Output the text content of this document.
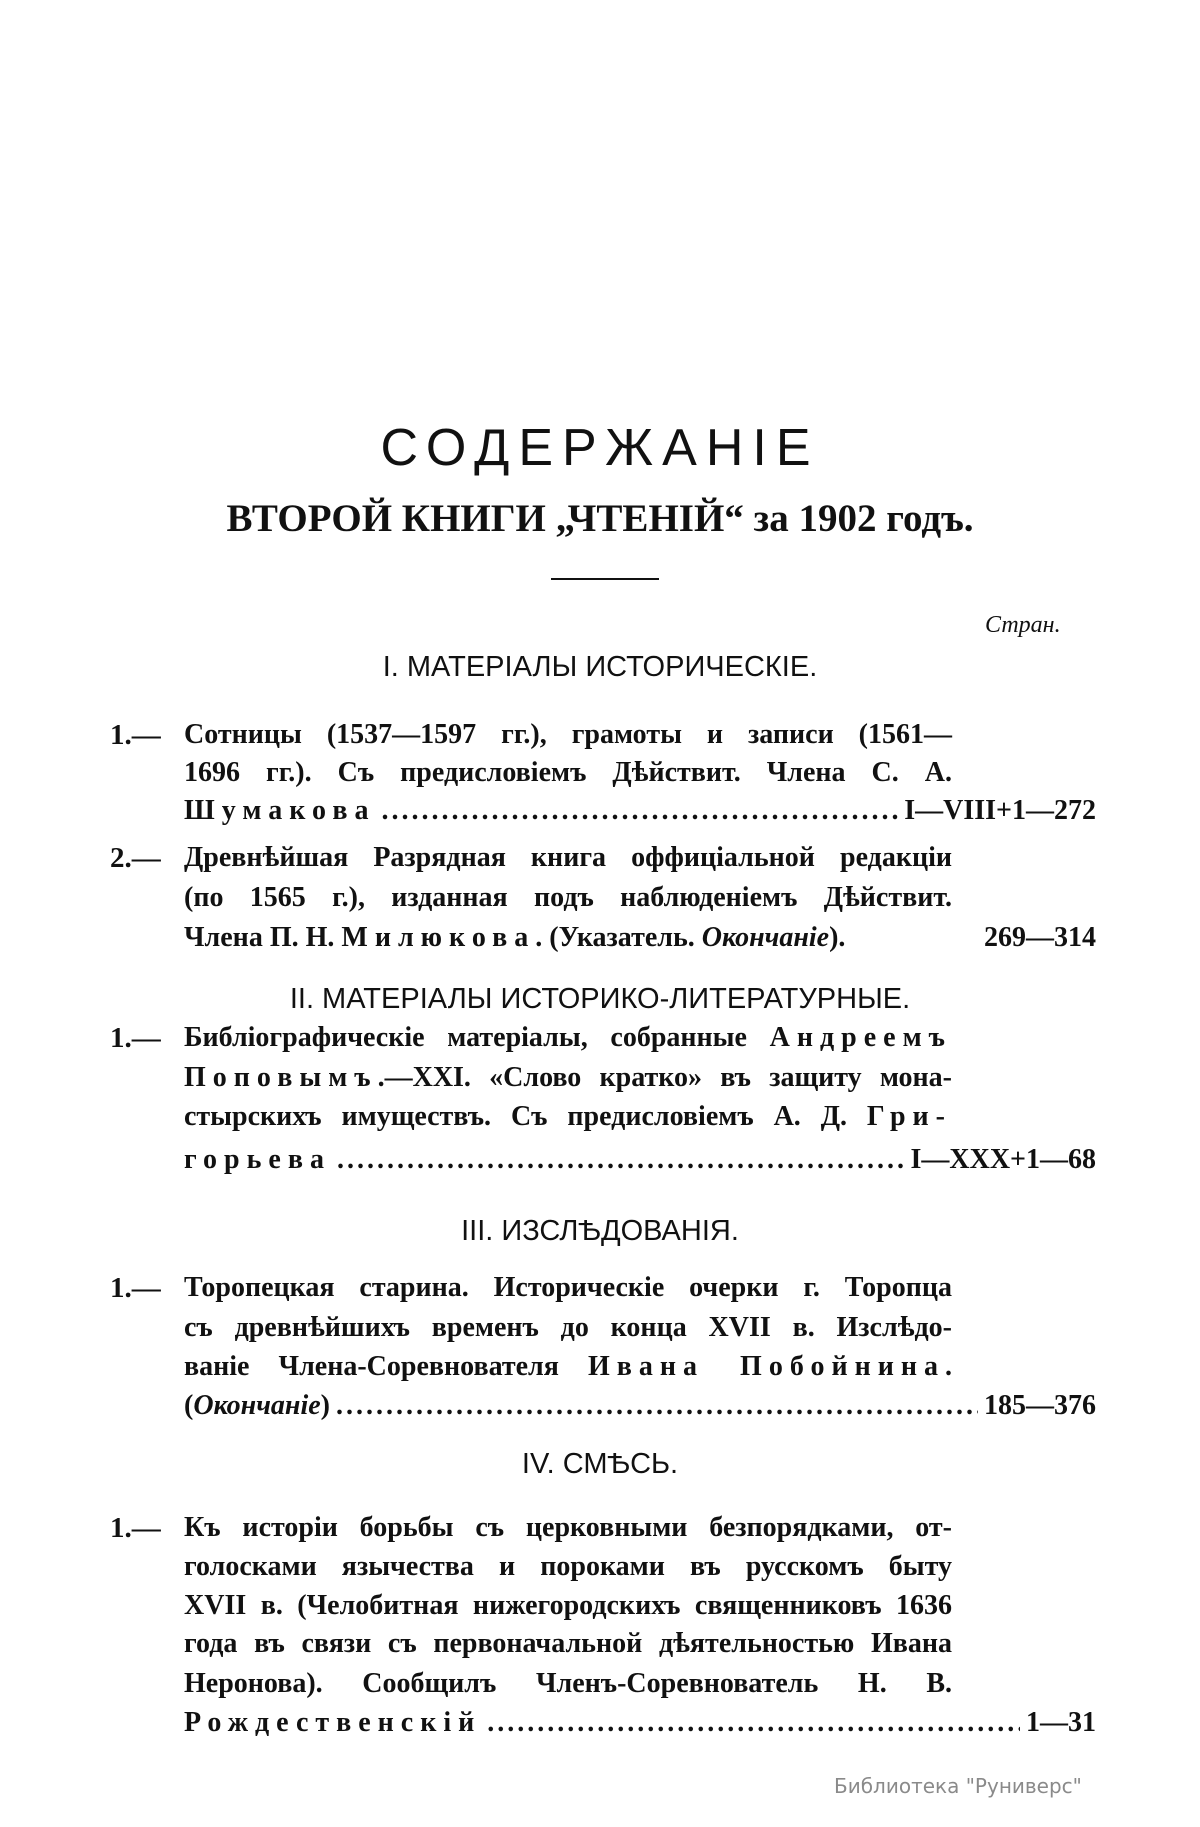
СОДЕРЖАНІЕ
ВТОРОЙ КНИГИ „ЧТЕНІЙ“ за 1902 годъ.
Стран.
I. МАТЕРІАЛЫ ИСТОРИЧЕСКІЕ.
1.— Сотницы (1537—1597 гг.), грамоты и записи (1561—
1696 гг.). Съ предисловіемъ Дѣйствит. Члена С. А.
Шумакова .....	I—VIII+1—272
2.— Древнѣйшая Разрядная книга оффиціальной редакціи
(по 1565 г.), изданная подъ наблюденіемъ Дѣйствит.
Члена П. Н. Милюкова. (Указатель. Окончаніе).	269—314
II. МАТЕРІАЛЫ ИСТОРИКО-ЛИТЕРАТУРНЫЕ.
1.— Библіографическіе матеріалы, собранные Андреемъ
Поповымъ.—XXI. «Слово кратко» въ защиту мона-
стырскихъ имуществъ. Съ предисловіемъ А. Д. Гри-
горьева .....	I—XXX+1—68
III. ИЗСЛѢДОВАНІЯ.
1.— Торопецкая старина. Историческіе очерки г. Торопца
съ древнѣйшихъ временъ до конца XVII в. Изслѣдо-
ваніе Члена-Соревнователя Ивана Побойнина.
(Окончаніе) .....	185—376
IV. СМѢСЬ.
1.— Къ исторіи борьбы съ церковными безпорядками, от-
голосками язычества и пороками въ русскомъ быту
XVII в. (Челобитная нижегородскихъ священниковъ 1636
года въ связи съ первоначальной дѣятельностью Ивана
Неронова). Сообщилъ Членъ-Соревнователь Н. В.
Рождественскій .....	1—31
Библиотека "Руниверс"
